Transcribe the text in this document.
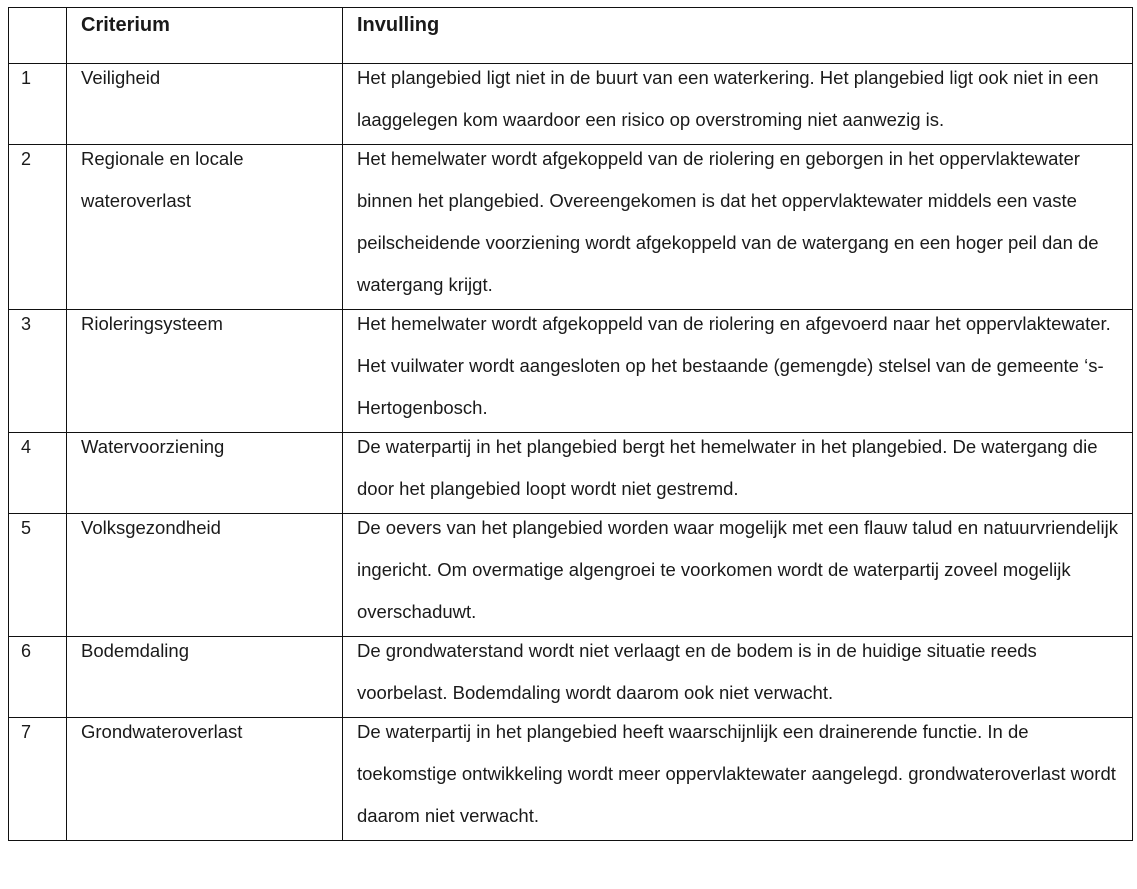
	Criterium	Invulling
1	Veiligheid	Het plangebied ligt niet in de buurt van een waterkering. Het plangebied ligt ook niet in een laaggelegen kom waardoor een risico op overstroming niet aanwezig is.

2	Regionale en locale wateroverlast	Het hemelwater wordt afgekoppeld van de riolering en geborgen in het oppervlaktewater binnen het plangebied. Overeengekomen is dat het oppervlaktewater middels een vaste peilscheidende voorziening wordt afgekoppeld van de watergang en een hoger peil dan de watergang krijgt.

3	Rioleringsysteem	Het hemelwater wordt afgekoppeld van de riolering en afgevoerd naar het oppervlaktewater. Het vuilwater wordt aangesloten op het bestaande (gemengde) stelsel van de gemeente ‘s-Hertogenbosch.

4	Watervoorziening	De waterpartij in het plangebied bergt het hemelwater in het plangebied. De watergang die door het plangebied loopt wordt niet gestremd.

5	Volksgezondheid	De oevers van het plangebied worden waar mogelijk met een flauw talud en natuurvriendelijk ingericht. Om overmatige algengroei te voorkomen wordt de waterpartij zoveel mogelijk overschaduwt.

6	Bodemdaling	De grondwaterstand wordt niet verlaagt en de bodem is in de huidige situatie reeds voorbelast. Bodemdaling wordt daarom ook niet verwacht.

7	Grondwateroverlast	De waterpartij in het plangebied heeft waarschijnlijk een drainerende functie. In de toekomstige ontwikkeling wordt meer oppervlaktewater aangelegd. grondwateroverlast wordt daarom niet verwacht.
